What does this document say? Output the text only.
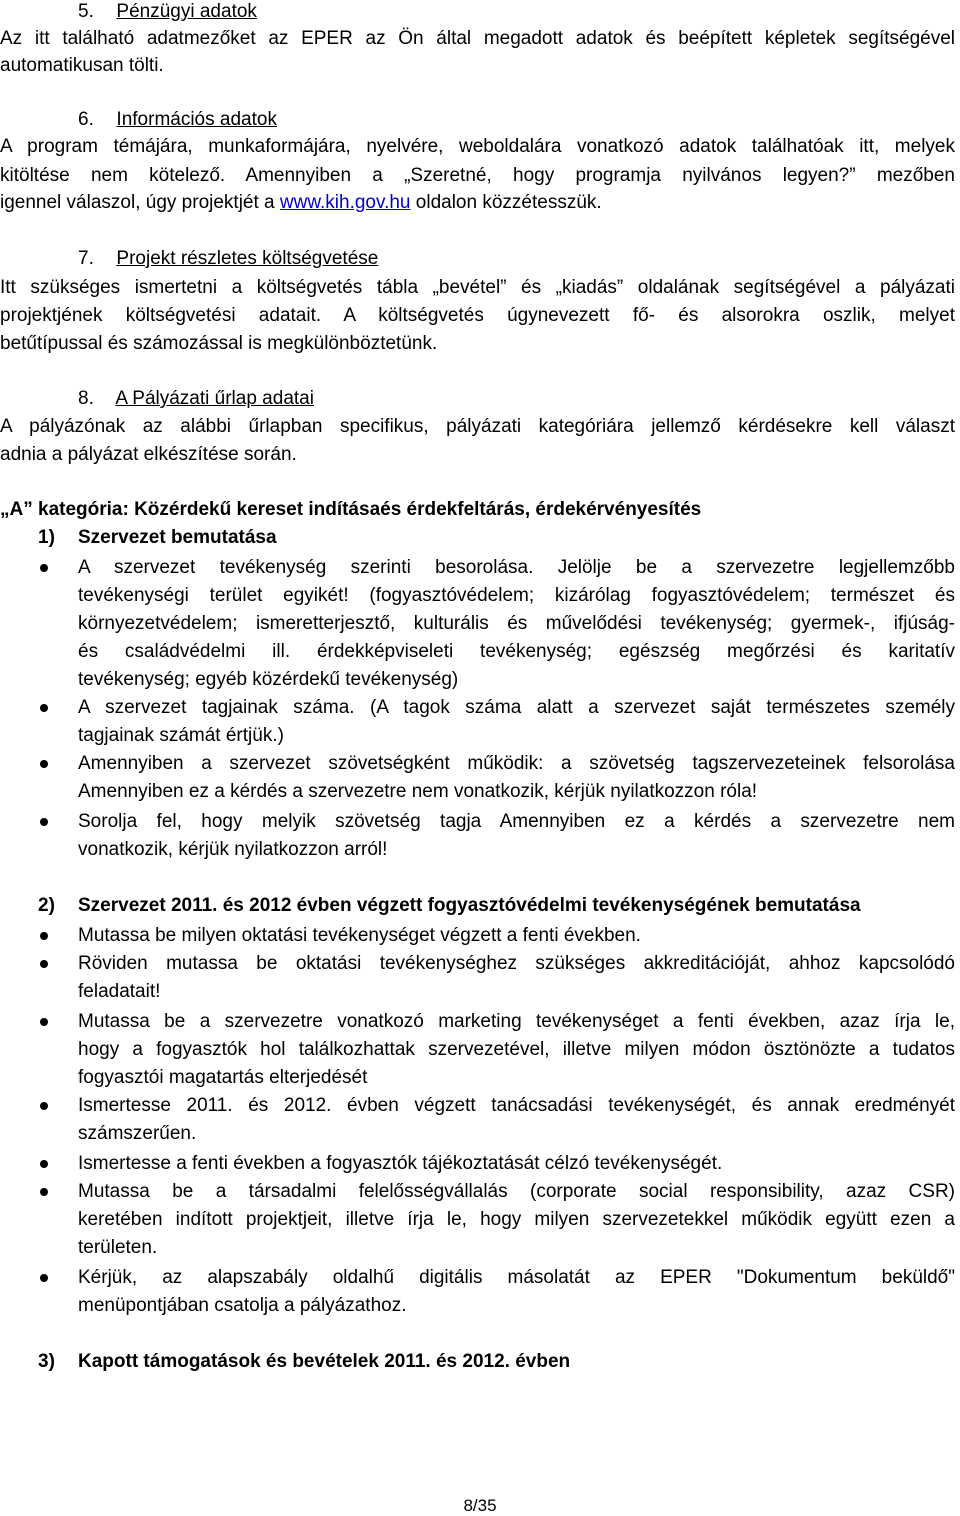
5. Pénzügyi adatok
Az itt található adatmezőket az EPER az Ön által megadott adatok és beépített képletek segítségével
automatikusan tölti.
6. Információs adatok
A program témájára, munkaformájára, nyelvére, weboldalára vonatkozó adatok találhatóak itt, melyek
kitöltése nem kötelező. Amennyiben a „Szeretné, hogy programja nyilvános legyen?” mezőben
igennel válaszol, úgy projektjét a www.kih.gov.hu oldalon közzétesszük.
7. Projekt részletes költségvetése
Itt szükséges ismertetni a költségvetés tábla „bevétel” és „kiadás” oldalának segítségével a pályázati
projektjének költségvetési adatait. A költségvetés úgynevezett fő- és alsorokra oszlik, melyet
betűtípussal és számozással is megkülönböztetünk.
8. A Pályázati űrlap adatai
A pályázónak az alábbi űrlapban specifikus, pályázati kategóriára jellemző kérdésekre kell választ
adnia a pályázat elkészítése során.
„A” kategória: Közérdekű kereset indításaés érdekfeltárás, érdekérvényesítés
1) Szervezet bemutatása
A szervezet tevékenység szerinti besorolása. Jelölje be a szervezetre legjellemzőbb
tevékenységi terület egyikét! (fogyasztóvédelem; kizárólag fogyasztóvédelem; természet és
környezetvédelem; ismeretterjesztő, kulturális és művelődési tevékenység; gyermek-, ifjúság-
és családvédelmi ill. érdekképviseleti tevékenység; egészség megőrzési és karitatív
tevékenység; egyéb közérdekű tevékenység)
A szervezet tagjainak száma. (A tagok száma alatt a szervezet saját természetes személy
tagjainak számát értjük.)
Amennyiben a szervezet szövetségként működik: a szövetség tagszervezeteinek felsorolása
Amennyiben ez a kérdés a szervezetre nem vonatkozik, kérjük nyilatkozzon róla!
Sorolja fel, hogy melyik szövetség tagja Amennyiben ez a kérdés a szervezetre nem
vonatkozik, kérjük nyilatkozzon arról!
2) Szervezet 2011. és 2012 évben végzett fogyasztóvédelmi tevékenységének bemutatása
Mutassa be milyen oktatási tevékenységet végzett a fenti években.
Röviden mutassa be oktatási tevékenységhez szükséges akkreditációját, ahhoz kapcsolódó
feladatait!
Mutassa be a szervezetre vonatkozó marketing tevékenységet a fenti években, azaz írja le,
hogy a fogyasztók hol találkozhattak szervezetével, illetve milyen módon ösztönözte a tudatos
fogyasztói magatartás elterjedését
Ismertesse 2011. és 2012. évben végzett tanácsadási tevékenységét, és annak eredményét
számszerűen.
Ismertesse a fenti években a fogyasztók tájékoztatását célzó tevékenységét.
Mutassa be a társadalmi felelősségvállalás (corporate social responsibility, azaz CSR)
keretében indított projektjeit, illetve írja le, hogy milyen szervezetekkel működik együtt ezen a
területen.
Kérjük, az alapszabály oldalhű digitális másolatát az EPER "Dokumentum beküldő"
menüpontjában csatolja a pályázathoz.
3) Kapott támogatások és bevételek 2011. és 2012. évben
8/35
